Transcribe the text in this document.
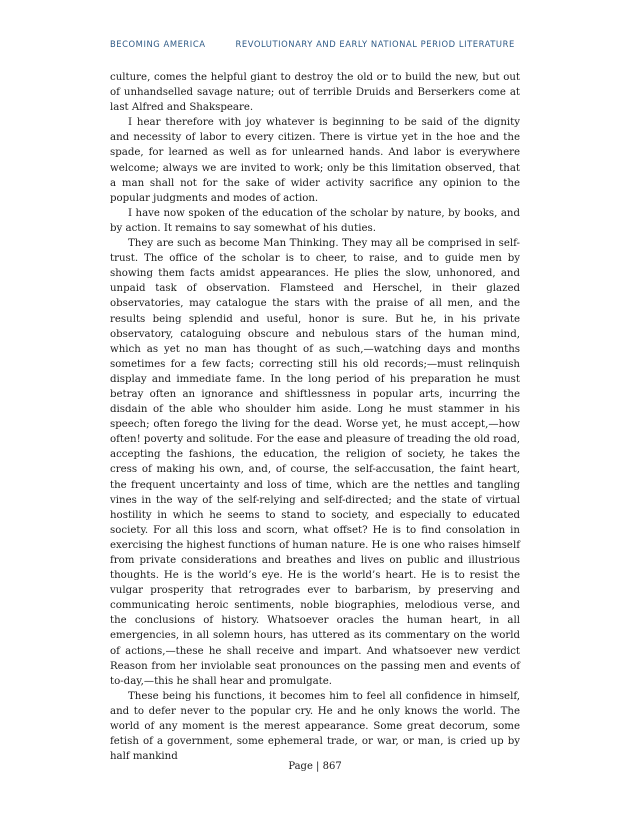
BECOMING AMERICA	REVOLUTIONARY AND EARLY NATIONAL PERIOD LITERATURE

culture, comes the helpful giant to destroy the old or to build the new, but out of unhandselled savage nature; out of terrible Druids and Berserkers come at last Alfred and Shakspeare.

I hear therefore with joy whatever is beginning to be said of the dignity and necessity of labor to every citizen. There is virtue yet in the hoe and the spade, for learned as well as for unlearned hands. And labor is everywhere welcome; always we are invited to work; only be this limitation observed, that a man shall not for the sake of wider activity sacrifice any opinion to the popular judgments and modes of action.

I have now spoken of the education of the scholar by nature, by books, and by action. It remains to say somewhat of his duties.

They are such as become Man Thinking. They may all be comprised in self-trust. The office of the scholar is to cheer, to raise, and to guide men by showing them facts amidst appearances. He plies the slow, unhonored, and unpaid task of observation. Flamsteed and Herschel, in their glazed observatories, may catalogue the stars with the praise of all men, and the results being splendid and useful, honor is sure. But he, in his private observatory, cataloguing obscure and nebulous stars of the human mind, which as yet no man has thought of as such,—watching days and months sometimes for a few facts; correcting still his old records;—must relinquish display and immediate fame. In the long period of his preparation he must betray often an ignorance and shiftlessness in popular arts, incurring the disdain of the able who shoulder him aside. Long he must stammer in his speech; often forego the living for the dead. Worse yet, he must accept,—how often! poverty and solitude. For the ease and pleasure of treading the old road, accepting the fashions, the education, the religion of society, he takes the cress of making his own, and, of course, the self-accusation, the faint heart, the frequent uncertainty and loss of time, which are the nettles and tangling vines in the way of the self-relying and self-directed; and the state of virtual hostility in which he seems to stand to society, and especially to educated society. For all this loss and scorn, what offset? He is to find consolation in exercising the highest functions of human nature. He is one who raises himself from private considerations and breathes and lives on public and illustrious thoughts. He is the world’s eye. He is the world’s heart. He is to resist the vulgar prosperity that retrogrades ever to barbarism, by preserving and communicating heroic sentiments, noble biographies, melodious verse, and the conclusions of history. Whatsoever oracles the human heart, in all emergencies, in all solemn hours, has uttered as its commentary on the world of actions,—these he shall receive and impart. And whatsoever new verdict Reason from her inviolable seat pronounces on the passing men and events of to-day,—this he shall hear and promulgate.

These being his functions, it becomes him to feel all confidence in himself, and to defer never to the popular cry. He and he only knows the world. The world of any moment is the merest appearance. Some great decorum, some fetish of a government, some ephemeral trade, or war, or man, is cried up by half mankind

Page | 867
